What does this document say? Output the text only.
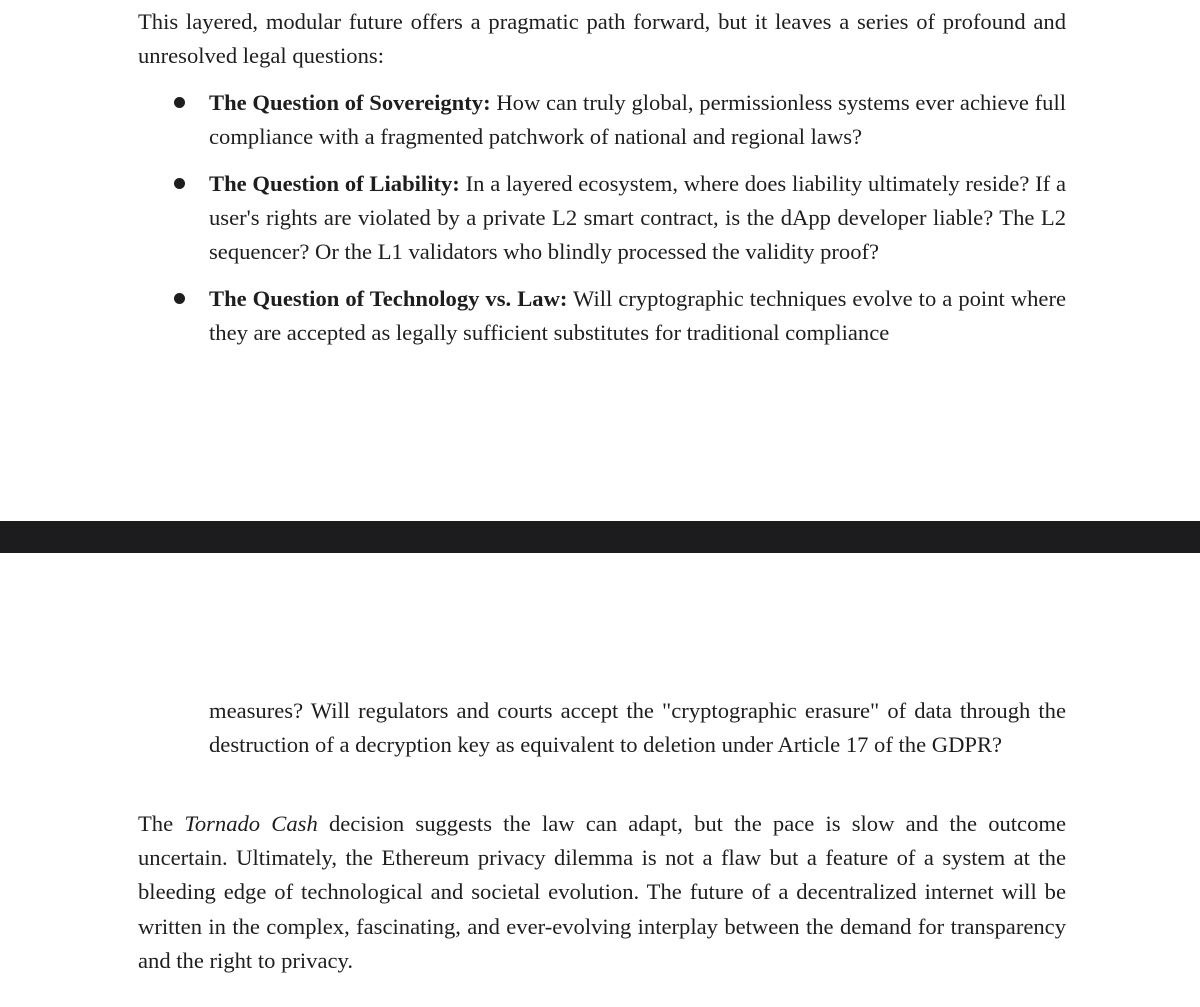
This layered, modular future offers a pragmatic path forward, but it leaves a series of profound and unresolved legal questions:

The Question of Sovereignty: How can truly global, permissionless systems ever achieve full compliance with a fragmented patchwork of national and regional laws?
The Question of Liability: In a layered ecosystem, where does liability ultimately reside? If a user's rights are violated by a private L2 smart contract, is the dApp developer liable? The L2 sequencer? Or the L1 validators who blindly processed the validity proof?
The Question of Technology vs. Law: Will cryptographic techniques evolve to a point where they are accepted as legally sufficient substitutes for traditional compliance

measures? Will regulators and courts accept the "cryptographic erasure" of data through the destruction of a decryption key as equivalent to deletion under Article 17 of the GDPR?

The Tornado Cash decision suggests the law can adapt, but the pace is slow and the outcome uncertain. Ultimately, the Ethereum privacy dilemma is not a flaw but a feature of a system at the bleeding edge of technological and societal evolution. The future of a decentralized internet will be written in the complex, fascinating, and ever-evolving interplay between the demand for transparency and the right to privacy.
